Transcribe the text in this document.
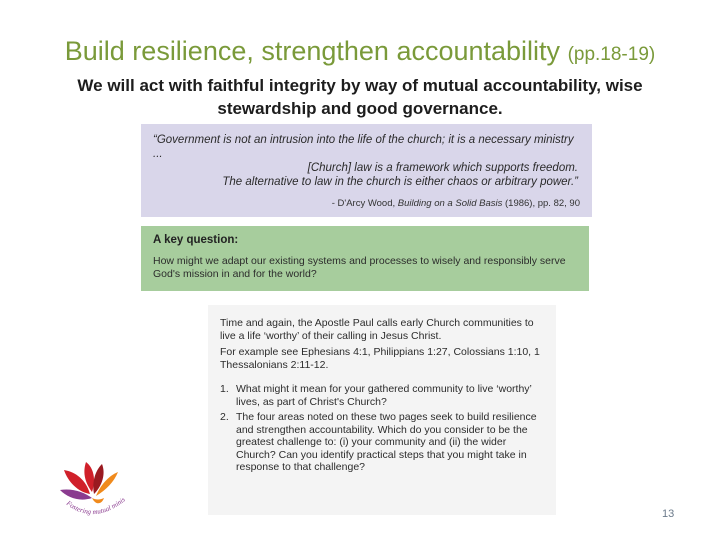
Build resilience, strengthen accountability (pp.18-19)
We will act with faithful integrity by way of mutual accountability, wise stewardship and good governance.
“Government is not an intrusion into the life of the church; it is a necessary ministry ...
[Church] law is a framework which supports freedom.
The alternative to law in the church is either chaos or arbitrary power.”
- D'Arcy Wood, Building on a Solid Basis (1986), pp. 82, 90
A key question:
How might we adapt our existing systems and processes to wisely and responsibly serve God's mission in and for the world?

Time and again, the Apostle Paul calls early Church communities to live a life ‘worthy’ of their calling in Jesus Christ.

For example see Ephesians 4:1, Philippians 1:27, Colossians 1:10, 1 Thessalonians 2:11-12.

1. What might it mean for your gathered community to live ‘worthy’ lives, as part of Christ's Church?
2. The four areas noted on these two pages seek to build resilience and strengthen accountability. Which do you consider to be the greatest challenge to: (i) your community and (ii) the wider Church? Can you identify practical steps that you might take in response to that challenge?
Fostering mutual minis
13
